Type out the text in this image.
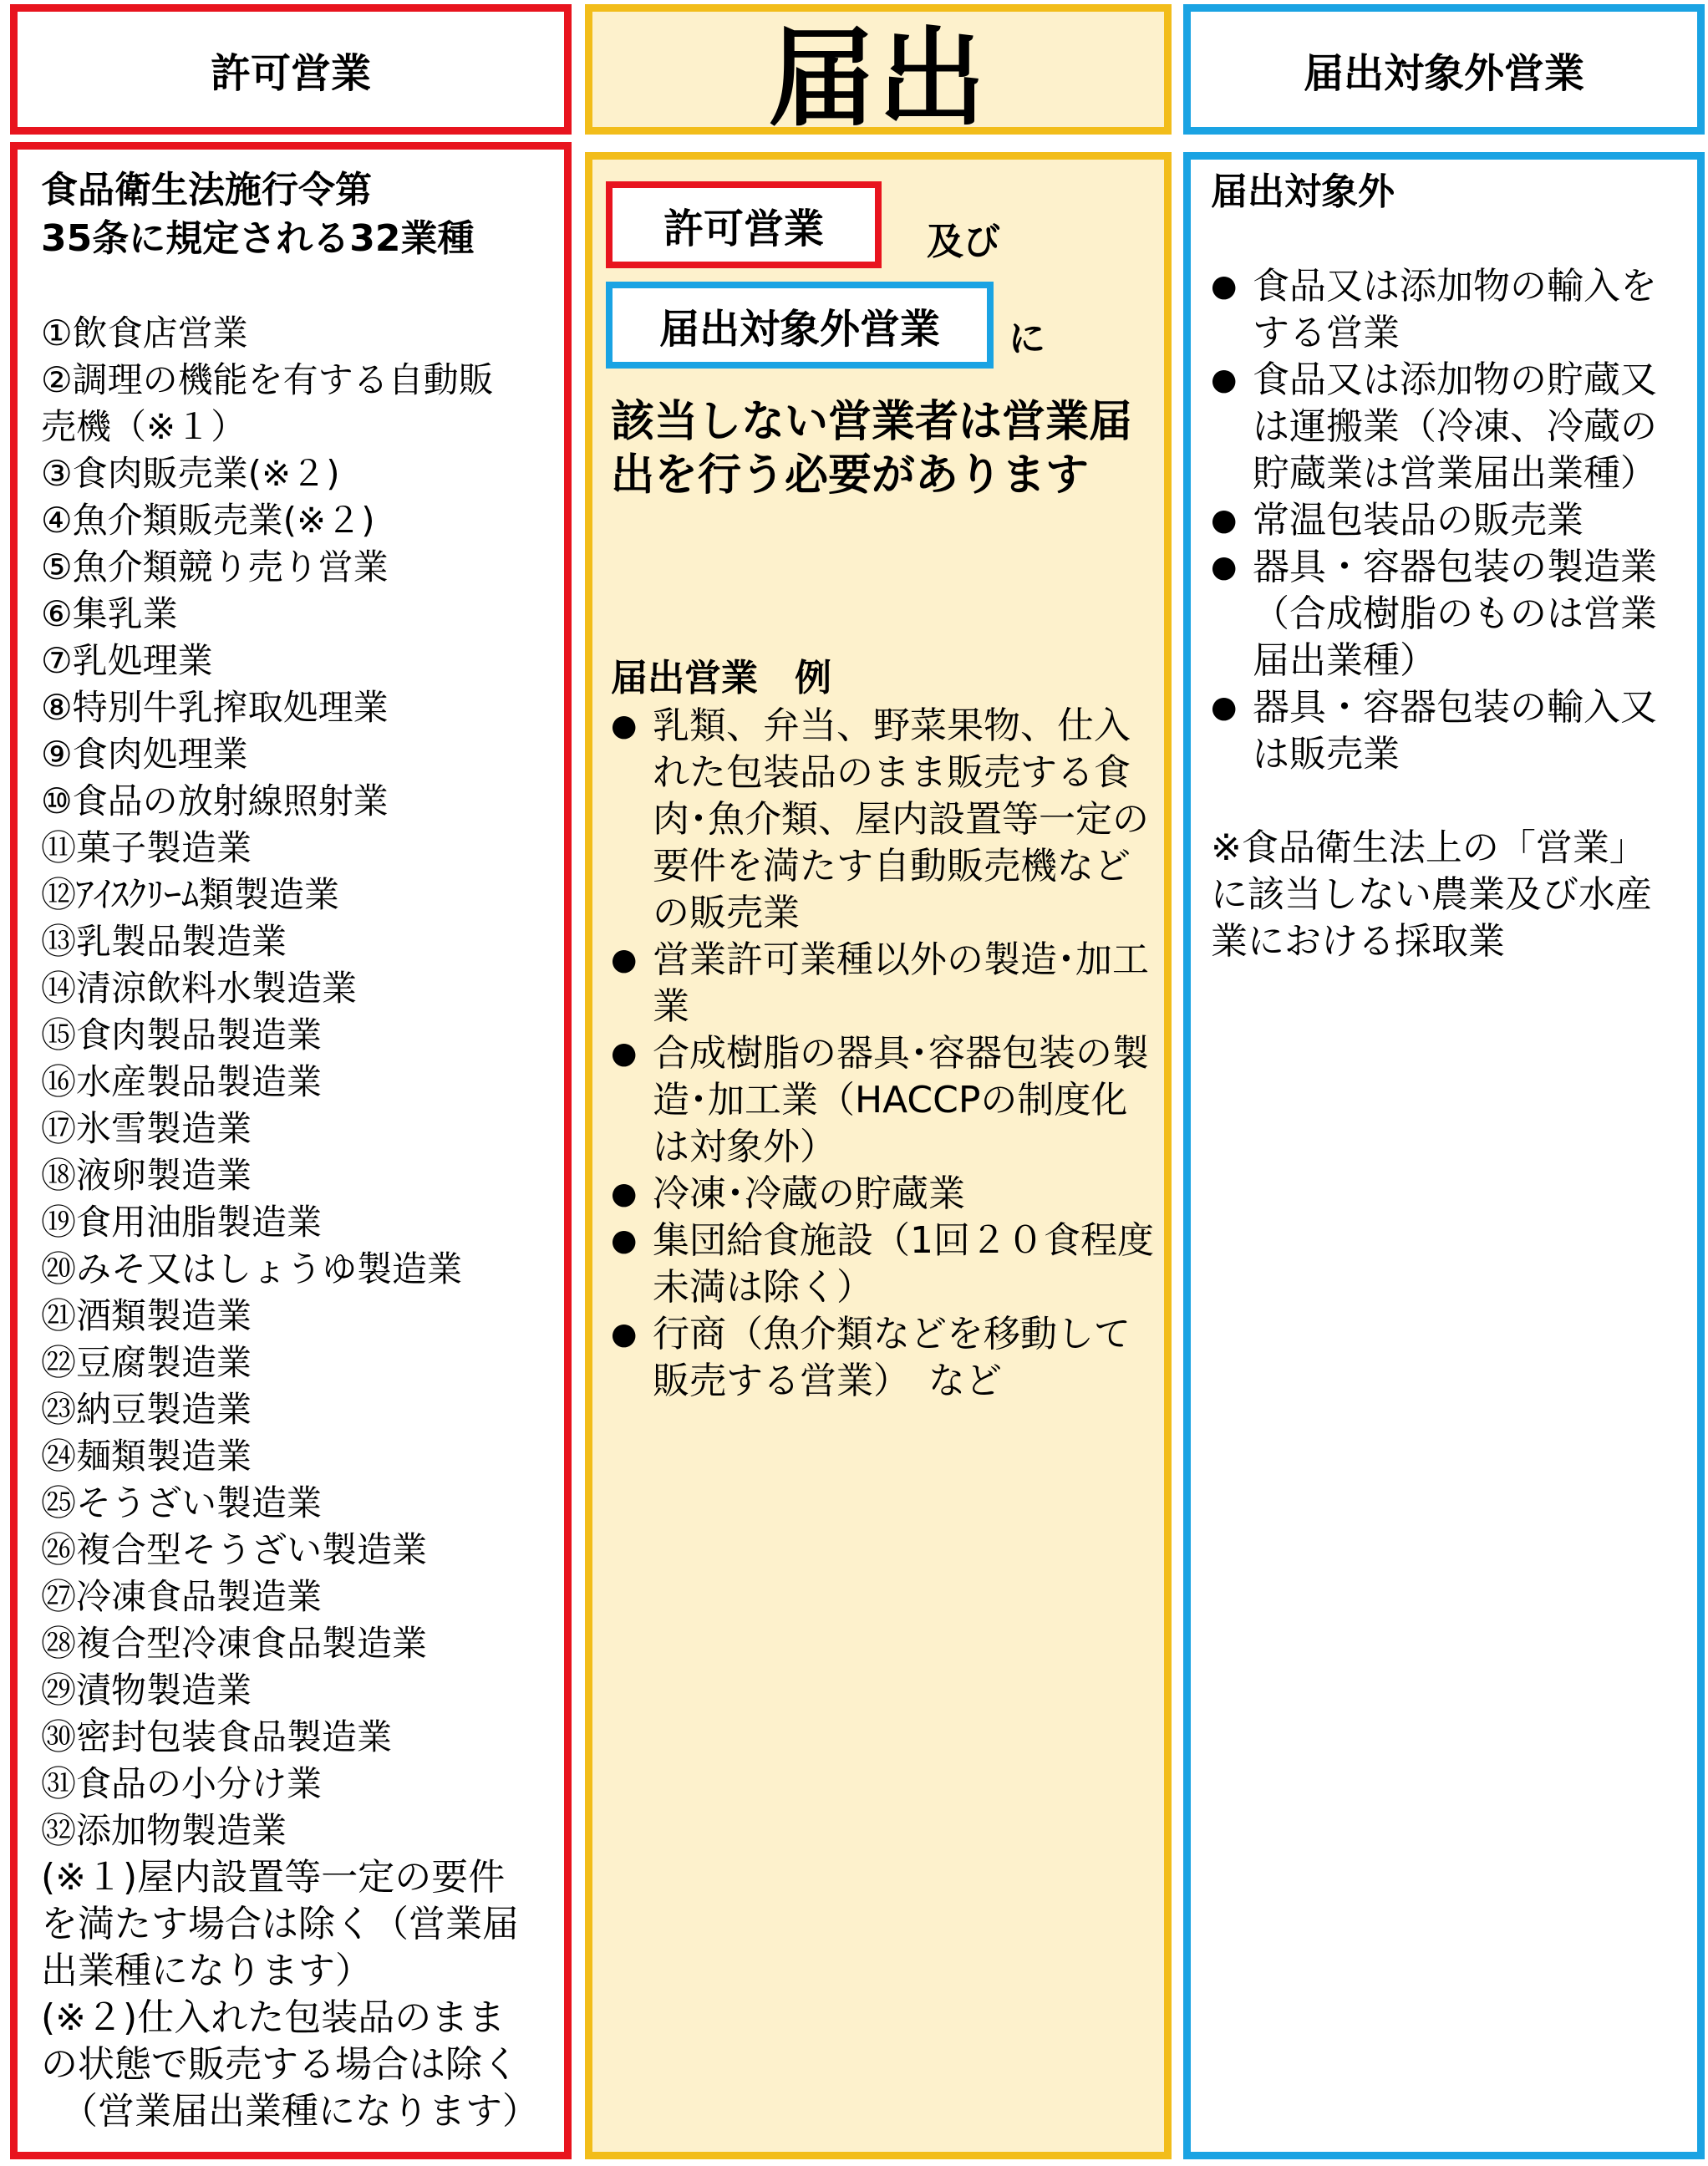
許可営業	届出	届出対象外営業
食品衛生法施行令第
35条に規定される32業種
①飲食店営業
②調理の機能を有する自動販
売機（※１）
③食肉販売業(※２)
④魚介類販売業(※２)
⑤魚介類競り売り営業
⑥集乳業
⑦乳処理業
⑧特別牛乳搾取処理業
⑨食肉処理業
⑩食品の放射線照射業
⑪菓子製造業
⑫ｱｲｽｸﾘｰﾑ類製造業
⑬乳製品製造業
⑭清涼飲料水製造業
⑮食肉製品製造業
⑯水産製品製造業
⑰氷雪製造業
⑱液卵製造業
⑲食用油脂製造業
⑳みそ又はしょうゆ製造業
㉑酒類製造業
㉒豆腐製造業
㉓納豆製造業
㉔麺類製造業
㉕そうざい製造業
㉖複合型そうざい製造業
㉗冷凍食品製造業
㉘複合型冷凍食品製造業
㉙漬物製造業
㉚密封包装食品製造業
㉛食品の小分け業
㉜添加物製造業
(※１)屋内設置等一定の要件
を満たす場合は除く（営業届
出業種になります）
(※２)仕入れた包装品のまま
の状態で販売する場合は除く
（営業届出業種になります）
許可営業	及び
届出対象外営業 に
該当しない営業者は営業届出を行う必要があります
届出営業　例
● 乳類、弁当、野菜果物、仕入れた包装品のまま販売する食肉･魚介類、屋内設置等一定の要件を満たす自動販売機などの販売業
● 営業許可業種以外の製造･加工業
● 合成樹脂の器具･容器包装の製造･加工業（HACCPの制度化は対象外）
● 冷凍･冷蔵の貯蔵業
● 集団給食施設（1回２０食程度未満は除く）
● 行商（魚介類などを移動して販売する営業）　など
届出対象外
● 食品又は添加物の輸入をする営業
● 食品又は添加物の貯蔵又は運搬業（冷凍、冷蔵の貯蔵業は営業届出業種）
● 常温包装品の販売業
● 器具・容器包装の製造業（合成樹脂のものは営業届出業種）
● 器具・容器包装の輸入又は販売業
※食品衛生法上の「営業」に該当しない農業及び水産業における採取業
